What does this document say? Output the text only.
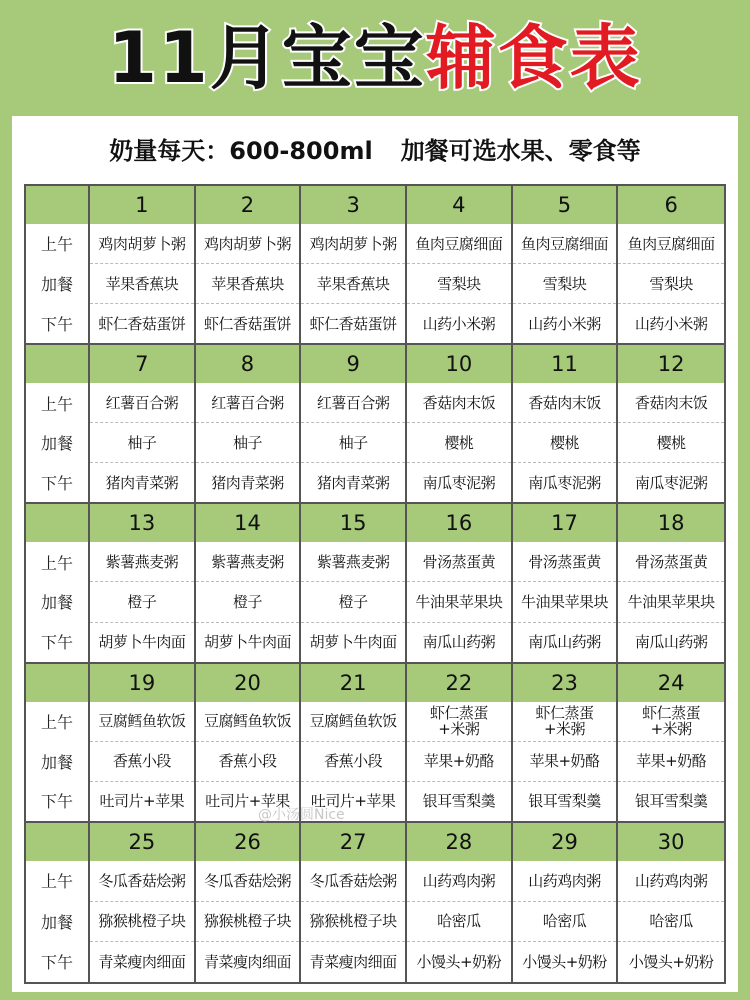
11月宝宝辅食表
奶量每天：600-800ml 加餐可选水果、零食等
上午
加餐
下午
1
鸡肉胡萝卜粥
苹果香蕉块
虾仁香菇蛋饼
2
鸡肉胡萝卜粥
苹果香蕉块
虾仁香菇蛋饼
3
鸡肉胡萝卜粥
苹果香蕉块
虾仁香菇蛋饼
4
鱼肉豆腐细面
雪梨块
山药小米粥
5
鱼肉豆腐细面
雪梨块
山药小米粥
6
鱼肉豆腐细面
雪梨块
山药小米粥
上午
加餐
下午
7
红薯百合粥
柚子
猪肉青菜粥
8
红薯百合粥
柚子
猪肉青菜粥
9
红薯百合粥
柚子
猪肉青菜粥
10
香菇肉末饭
樱桃
南瓜枣泥粥
11
香菇肉末饭
樱桃
南瓜枣泥粥
12
香菇肉末饭
樱桃
南瓜枣泥粥
上午
加餐
下午
13
紫薯燕麦粥
橙子
胡萝卜牛肉面
14
紫薯燕麦粥
橙子
胡萝卜牛肉面
15
紫薯燕麦粥
橙子
胡萝卜牛肉面
16
骨汤蒸蛋黄
牛油果苹果块
南瓜山药粥
17
骨汤蒸蛋黄
牛油果苹果块
南瓜山药粥
18
骨汤蒸蛋黄
牛油果苹果块
南瓜山药粥
上午
加餐
下午
19
豆腐鳕鱼软饭
香蕉小段
吐司片+苹果
20
豆腐鳕鱼软饭
香蕉小段
吐司片+苹果
21
豆腐鳕鱼软饭
香蕉小段
吐司片+苹果
22
虾仁蒸蛋
+米粥
苹果+奶酪
银耳雪梨羹
23
虾仁蒸蛋
+米粥
苹果+奶酪
银耳雪梨羹
24
虾仁蒸蛋
+米粥
苹果+奶酪
银耳雪梨羹
上午
加餐
下午
25
冬瓜香菇烩粥
猕猴桃橙子块
青菜瘦肉细面
26
冬瓜香菇烩粥
猕猴桃橙子块
青菜瘦肉细面
27
冬瓜香菇烩粥
猕猴桃橙子块
青菜瘦肉细面
28
山药鸡肉粥
哈密瓜
小馒头+奶粉
29
山药鸡肉粥
哈密瓜
小馒头+奶粉
30
山药鸡肉粥
哈密瓜
小馒头+奶粉
@小汤圆Nice
